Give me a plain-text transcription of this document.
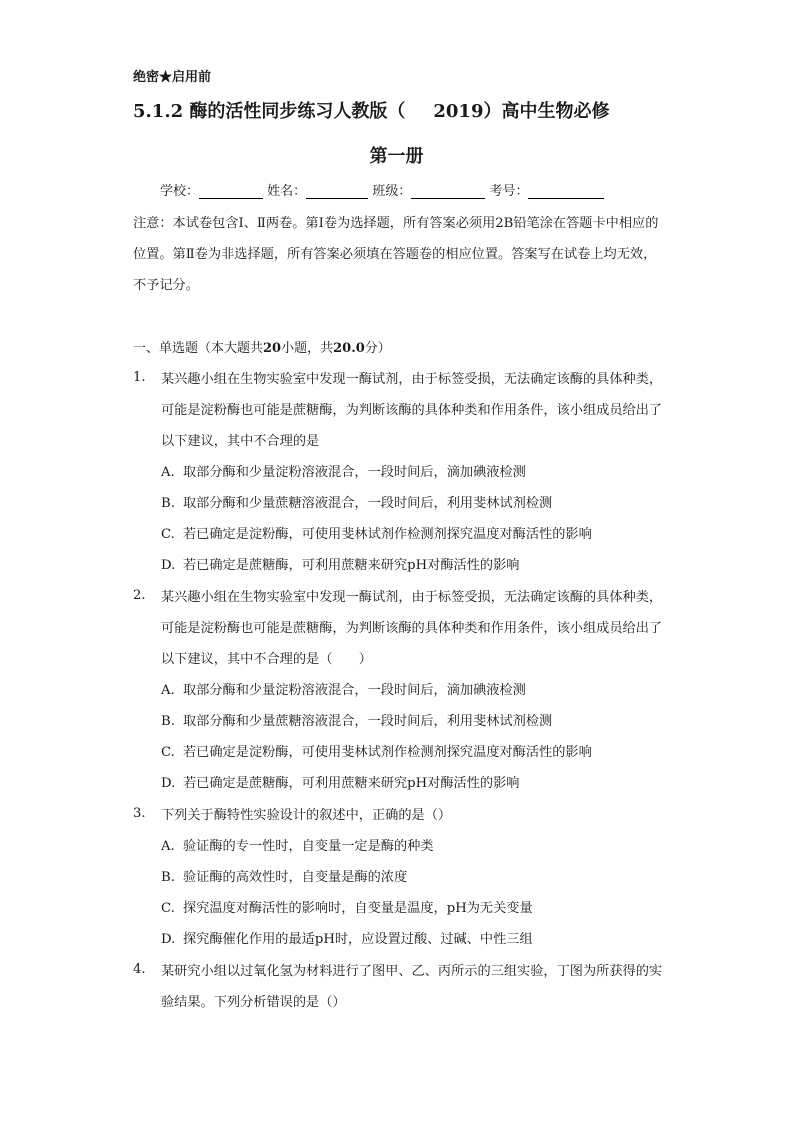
绝密★启用前
5.1.2 酶的活性同步练习人教版（ 2019）高中生物必修
第一册
学校：	姓名：	班级：	考号：
注意：本试卷包含Ⅰ、Ⅱ两卷。第Ⅰ卷为选择题，所有答案必须用2B铅笔涂在答题卡中相应的位置。第Ⅱ卷为非选择题，所有答案必须填在答题卷的相应位置。答案写在试卷上均无效，不予记分。
一、单选题（本大题共20小题，共20.0分）
1. 某兴趣小组在生物实验室中发现一酶试剂，由于标签受损，无法确定该酶的具体种类，可能是淀粉酶也可能是蔗糖酶，为判断该酶的具体种类和作用条件，该小组成员给出了以下建议，其中不合理的是
A. 取部分酶和少量淀粉溶液混合，一段时间后，滴加碘液检测
B. 取部分酶和少量蔗糖溶液混合，一段时间后，利用斐林试剂检测
C. 若已确定是淀粉酶，可使用斐林试剂作检测剂探究温度对酶活性的影响
D. 若已确定是蔗糖酶，可利用蔗糖来研究pH对酶活性的影响
2. 某兴趣小组在生物实验室中发现一酶试剂，由于标签受损，无法确定该酶的具体种类，可能是淀粉酶也可能是蔗糖酶，为判断该酶的具体种类和作用条件，该小组成员给出了以下建议，其中不合理的是（　　）
A. 取部分酶和少量淀粉溶液混合，一段时间后，滴加碘液检测
B. 取部分酶和少量蔗糖溶液混合，一段时间后，利用斐林试剂检测
C. 若已确定是淀粉酶，可使用斐林试剂作检测剂探究温度对酶活性的影响
D. 若已确定是蔗糖酶，可利用蔗糖来研究pH对酶活性的影响
3. 下列关于酶特性实验设计的叙述中，正确的是（）
A. 验证酶的专一性时，自变量一定是酶的种类
B. 验证酶的高效性时，自变量是酶的浓度
C. 探究温度对酶活性的影响时，自变量是温度，pH为无关变量
D. 探究酶催化作用的最适pH时，应设置过酸、过碱、中性三组
4. 某研究小组以过氧化氢为材料进行了图甲、乙、丙所示的三组实验，丁图为所获得的实验结果。下列分析错误的是（）
